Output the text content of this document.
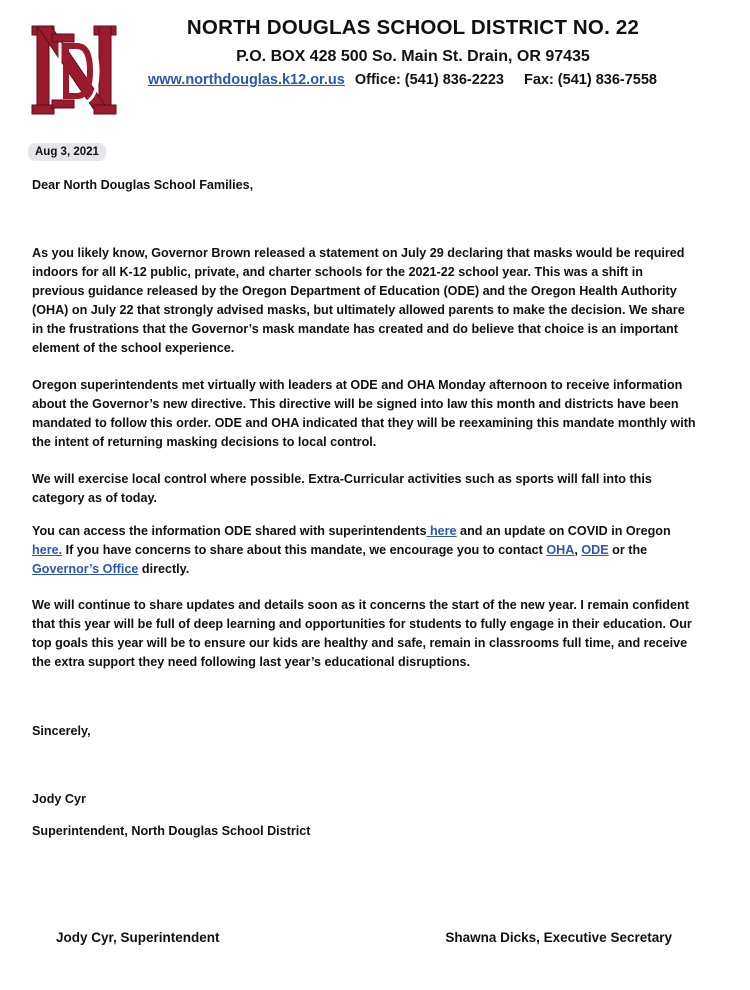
NORTH DOUGLAS SCHOOL DISTRICT NO. 22
P.O. BOX 428 500 So. Main St. Drain, OR 97435
www.northdouglas.k12.or.us Office: (541) 836-2223 Fax: (541) 836-7558
Aug 3, 2021

Dear North Douglas School Families,

As you likely know, Governor Brown released a statement on July 29 declaring that masks would be required indoors for all K-12 public, private, and charter schools for the 2021-22 school year. This was a shift in previous guidance released by the Oregon Department of Education (ODE) and the Oregon Health Authority (OHA) on July 22 that strongly advised masks, but ultimately allowed parents to make the decision. We share in the frustrations that the Governor’s mask mandate has created and do believe that choice is an important element of the school experience.

Oregon superintendents met virtually with leaders at ODE and OHA Monday afternoon to receive information about the Governor’s new directive. This directive will be signed into law this month and districts have been mandated to follow this order. ODE and OHA indicated that they will be reexamining this mandate monthly with the intent of returning masking decisions to local control.

We will exercise local control where possible. Extra-Curricular activities such as sports will fall into this category as of today.

You can access the information ODE shared with superintendents here and an update on COVID in Oregon here. If you have concerns to share about this mandate, we encourage you to contact OHA, ODE or the Governor’s Office directly.

We will continue to share updates and details soon as it concerns the start of the new year. I remain confident that this year will be full of deep learning and opportunities for students to fully engage in their education. Our top goals this year will be to ensure our kids are healthy and safe, remain in classrooms full time, and receive the extra support they need following last year’s educational disruptions.

Sincerely,

Jody Cyr

Superintendent, North Douglas School District

Jody Cyr, Superintendent	Shawna Dicks, Executive Secretary
